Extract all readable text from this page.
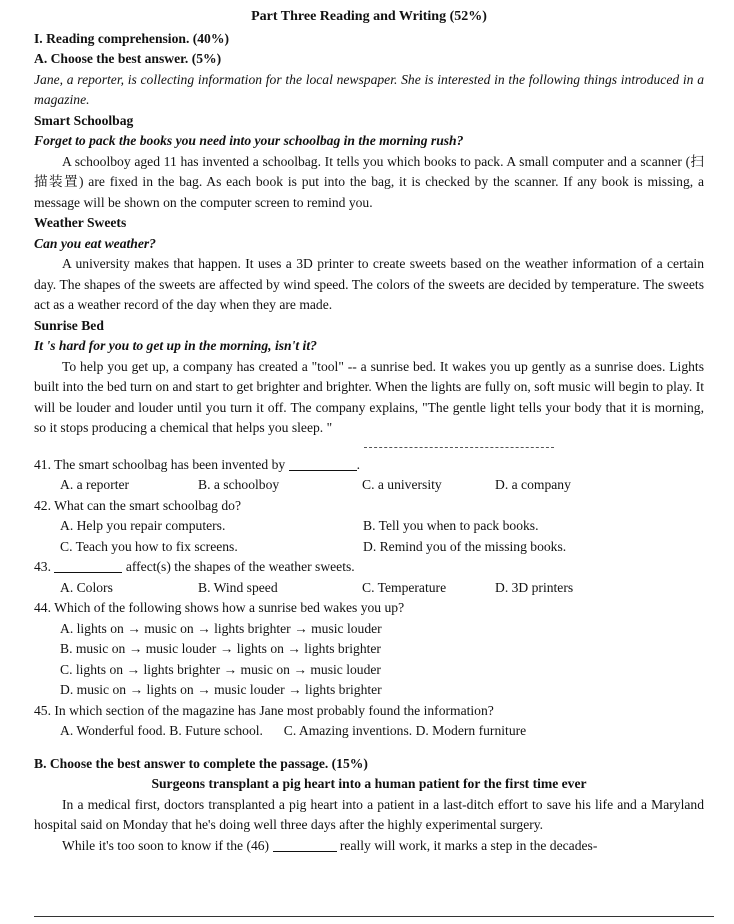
Part Three Reading and Writing (52%)
I. Reading comprehension. (40%)
A. Choose the best answer. (5%)

Jane, a reporter, is collecting information for the local newspaper. She is interested in the following things introduced in a magazine.

Smart Schoolbag
Forget to pack the books you need into your schoolbag in the morning rush?

A schoolboy aged 11 has invented a schoolbag. It tells you which books to pack. A small computer and a scanner (扫描装置) are fixed in the bag. As each book is put into the bag, it is checked by the scanner. If any book is missing, a message will be shown on the computer screen to remind you.

Weather Sweets
Can you eat weather?

A university makes that happen. It uses a 3D printer to create sweets based on the weather information of a certain day. The shapes of the sweets are affected by wind speed. The colors of the sweets are decided by temperature. The sweets act as a weather record of the day when they are made.

Sunrise Bed
It 's hard for you to get up in the morning, isn't it?

To help you get up, a company has created a "tool" -- a sunrise bed. It wakes you up gently as a sunrise does. Lights built into the bed turn on and start to get brighter and brighter. When the lights are fully on, soft music will begin to play. It will be louder and louder until you turn it off. The company explains, "The gentle light tells your body that it is morning, so it stops producing a chemical that helps you sleep. "

41. The smart schoolbag has been invented by	.
A. a reporter	B. a schoolboy	C. a university	D. a company
42. What can the smart schoolbag do?
A. Help you repair computers.	B. Tell you when to pack books.
C. Teach you how to fix screens.	D. Remind you of the missing books.
43.	affect(s) the shapes of the weather sweets.
A. Colors	B. Wind speed	C. Temperature	D. 3D printers
44. Which of the following shows how a sunrise bed wakes you up?
A. lights on → music on → lights brighter → music louder
B. music on → music louder → lights on → lights brighter
C. lights on → lights brighter → music on → music louder
D. music on → lights on → music louder → lights brighter
45. In which section of the magazine has Jane most probably found the information?
A. Wonderful food. B. Future school. C. Amazing inventions. D. Modern furniture
B. Choose the best answer to complete the passage. (15%)
Surgeons transplant a pig heart into a human patient for the first time ever

In a medical first, doctors transplanted a pig heart into a patient in a last-ditch effort to save his life and a Maryland hospital said on Monday that he's doing well three days after the highly experimental surgery.

While it's too soon to know if the (46)	really will work, it marks a step in the decades-
